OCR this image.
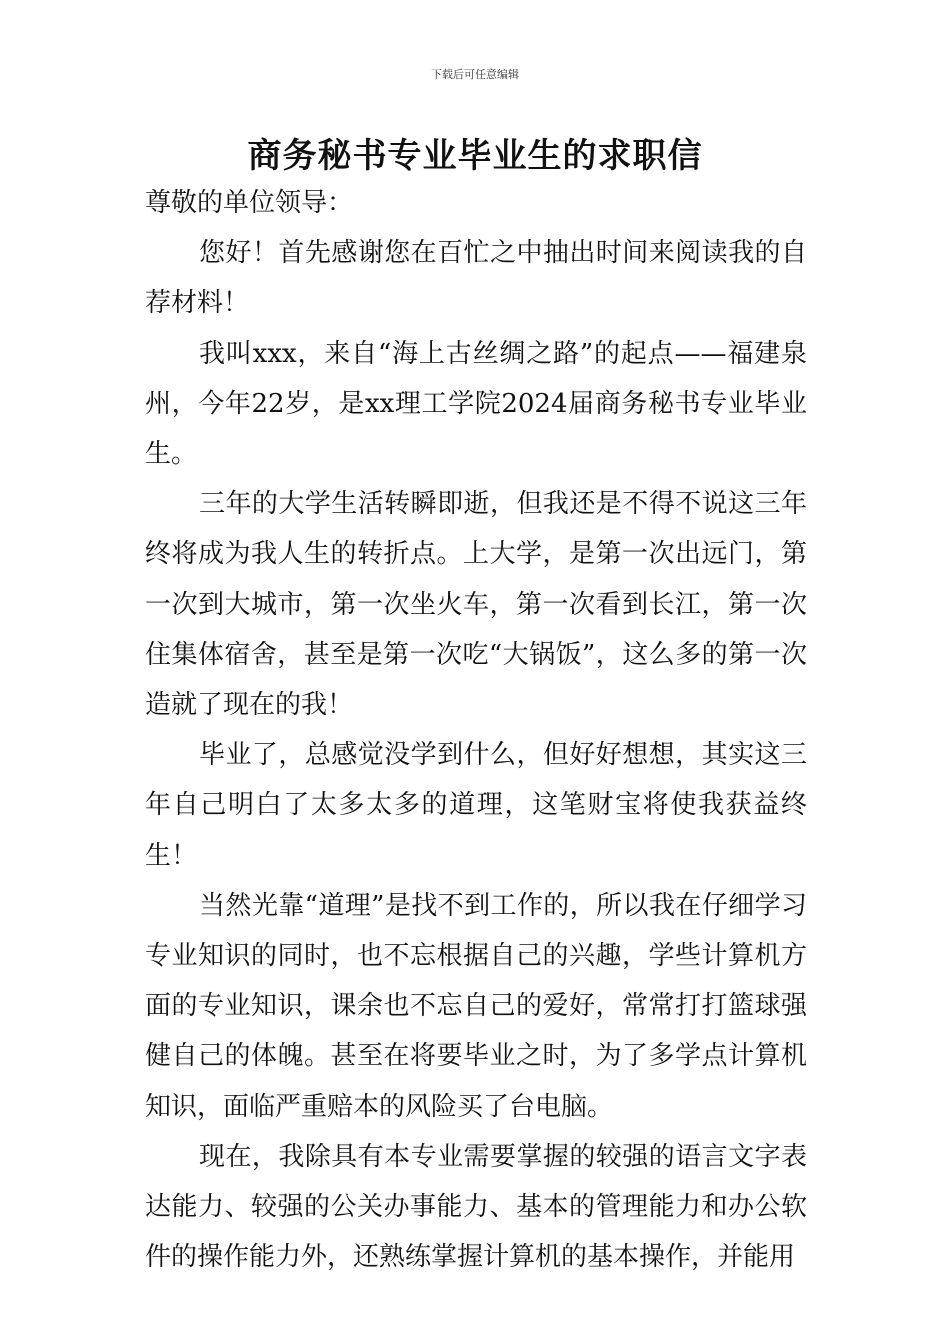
下载后可任意编辑
商务秘书专业毕业生的求职信

尊敬的单位领导：

您好！首先感谢您在百忙之中抽出时间来阅读我的自荐材料！

我叫xxx，来自“海上古丝绸之路”的起点——福建泉州，今年22岁，是xx理工学院2024届商务秘书专业毕业生。

三年的大学生活转瞬即逝，但我还是不得不说这三年终将成为我人生的转折点。上大学，是第一次出远门，第一次到大城市，第一次坐火车，第一次看到长江，第一次住集体宿舍，甚至是第一次吃“大锅饭”，这么多的第一次造就了现在的我！

毕业了，总感觉没学到什么，但好好想想，其实这三年自己明白了太多太多的道理，这笔财宝将使我获益终生！

当然光靠“道理”是找不到工作的，所以我在仔细学习专业知识的同时，也不忘根据自己的兴趣，学些计算机方面的专业知识，课余也不忘自己的爱好，常常打打篮球强健自己的体魄。甚至在将要毕业之时，为了多学点计算机知识，面临严重赔本的风险买了台电脑。

现在，我除具有本专业需要掌握的较强的语言文字表达能力、较强的公关办事能力、基本的管理能力和办公软件的操作能力外，还熟练掌握计算机的基本操作，并能用
